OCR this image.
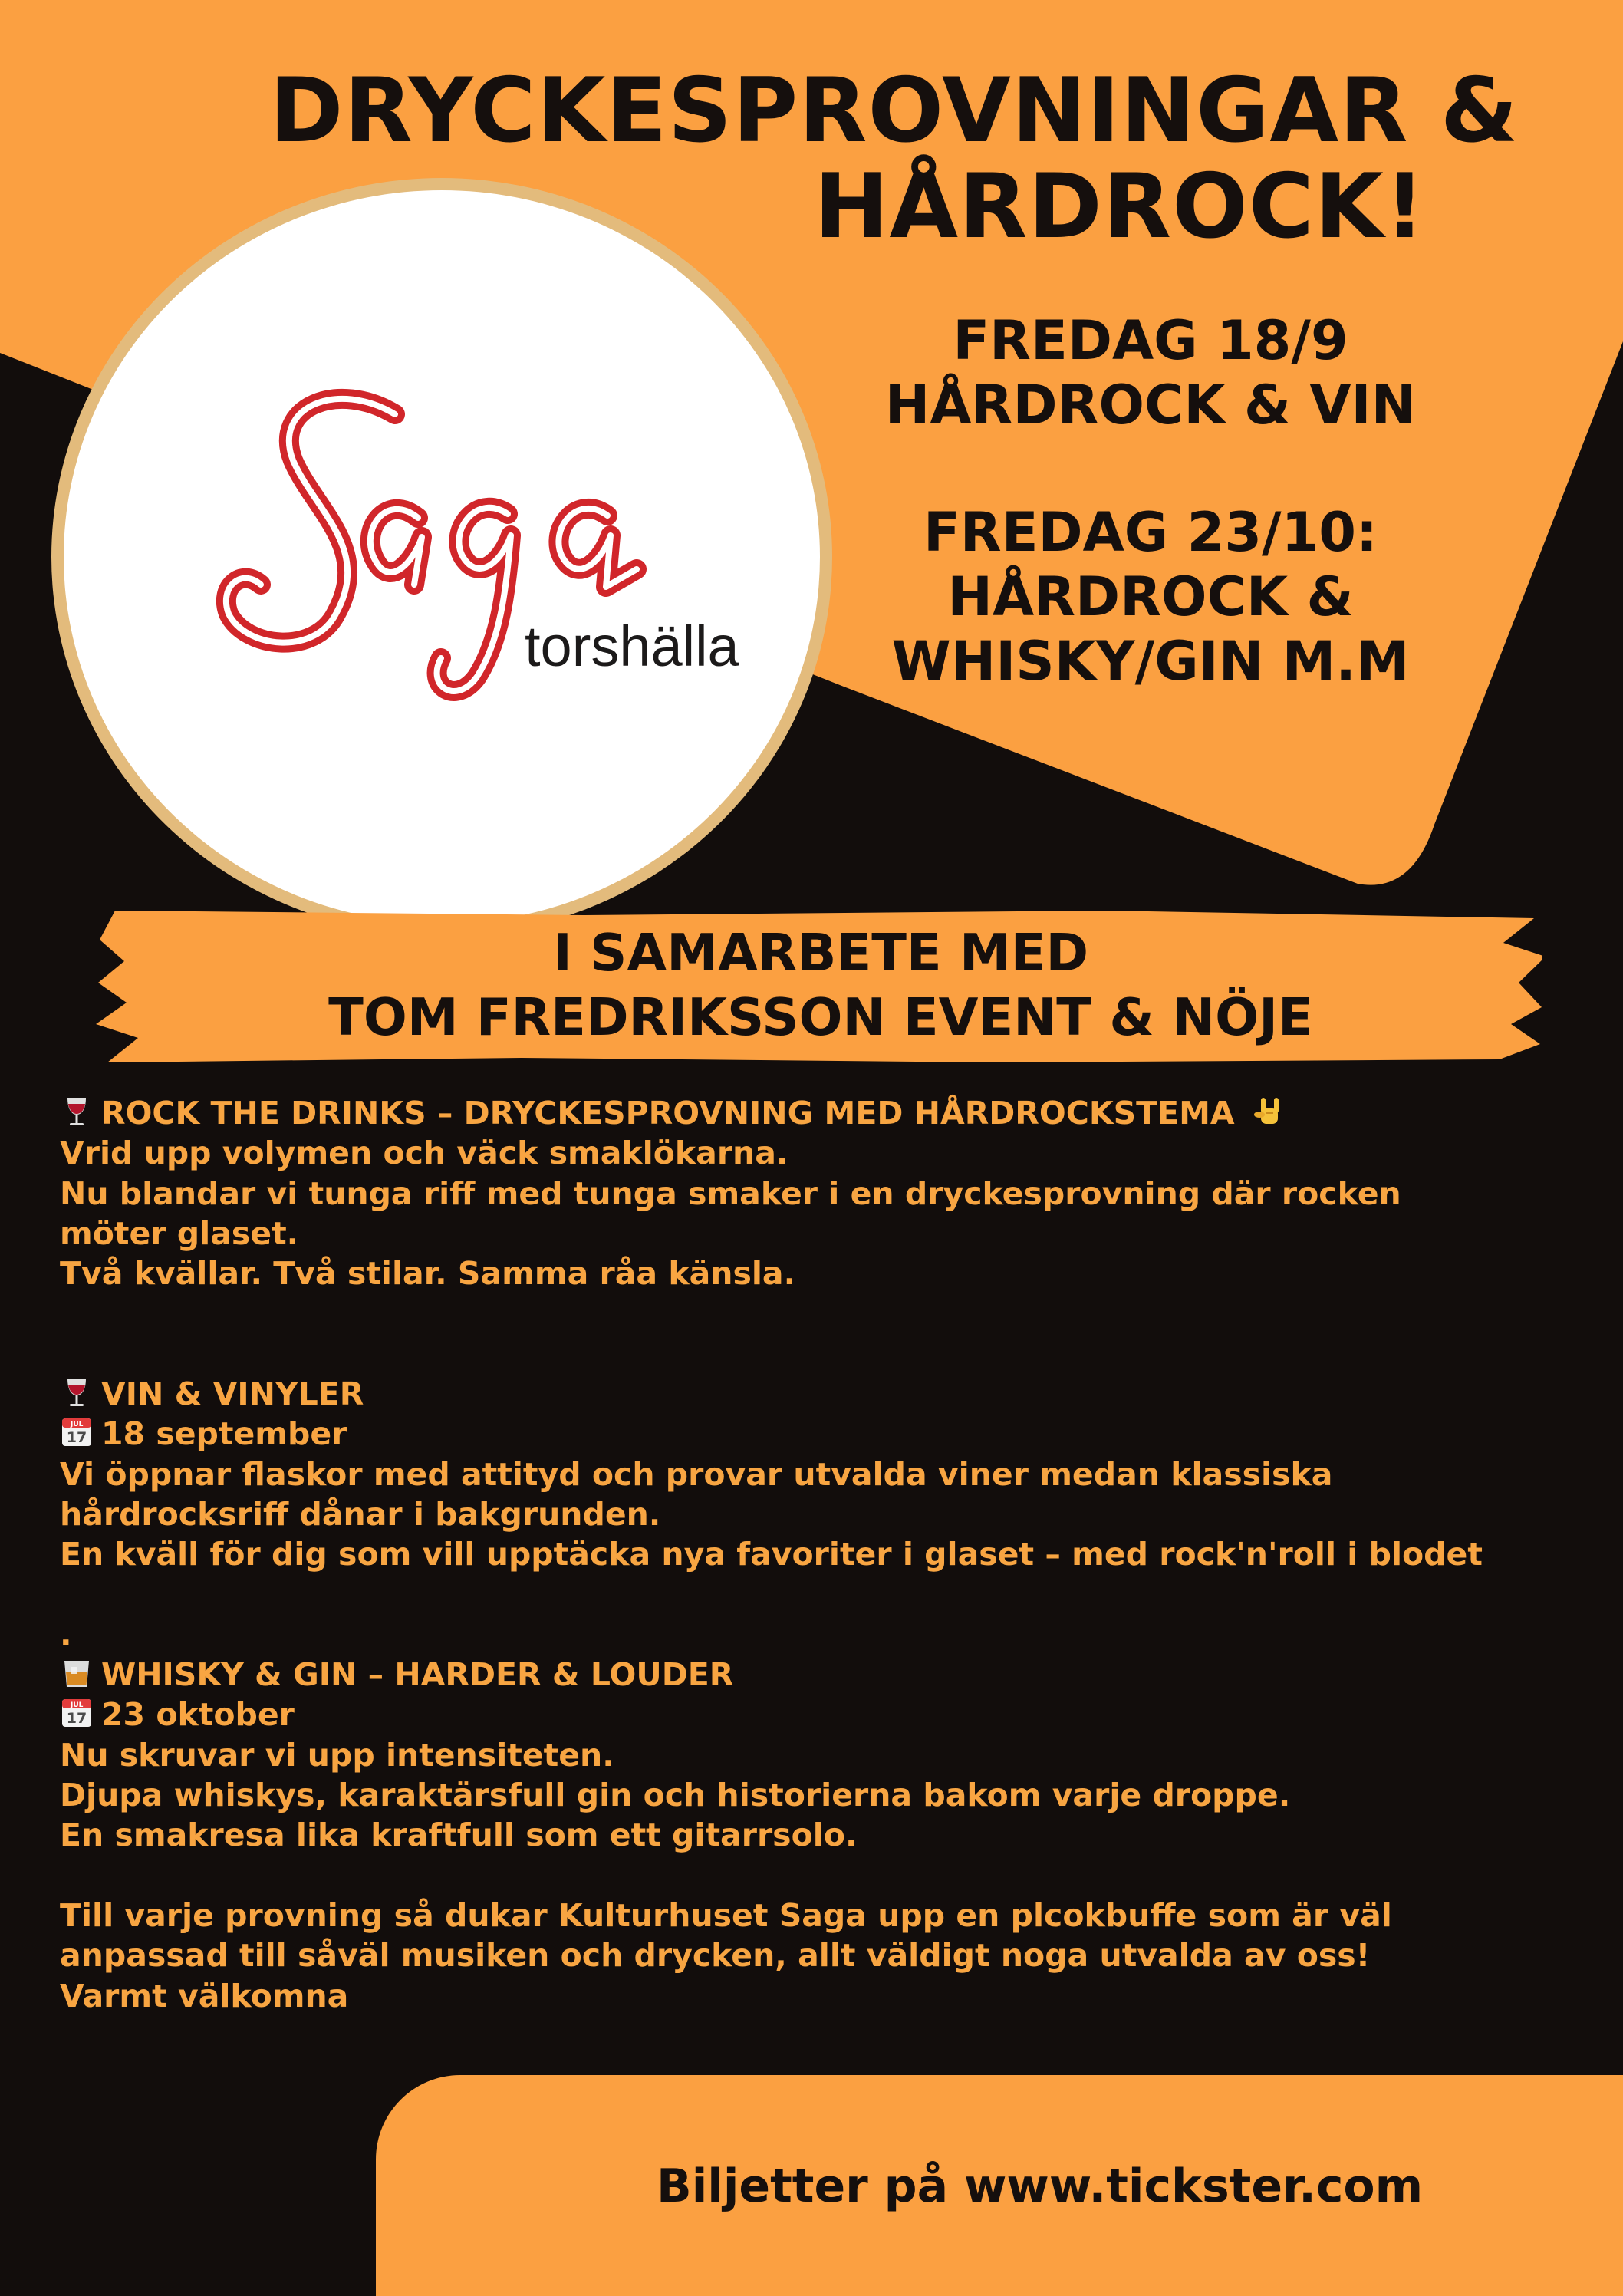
DRYCKESPROVNINGAR &
HÅRDROCK!
FREDAG 18/9
HÅRDROCK & VIN
FREDAG 23/10:
HÅRDROCK &
WHISKY/GIN M.M
torshälla
I SAMARBETE MED
TOM FREDRIKSSON EVENT & NÖJE
ROCK THE DRINKS – DRYCKESPROVNING MED HÅRDROCKSTEMA
Vrid upp volymen och väck smaklökarna.
Nu blandar vi tunga riff med tunga smaker i en dryckesprovning där rocken
möter glaset.
Två kvällar. Två stilar. Samma råa känsla.
VIN & VINYLER
JUL
17 18 september
Vi öppnar flaskor med attityd och provar utvalda viner medan klassiska
hårdrocksriff dånar i bakgrunden.
En kväll för dig som vill upptäcka nya favoriter i glaset – med rock'n'roll i blodet
.
WHISKY & GIN – HARDER & LOUDER
JUL
17 23 oktober
Nu skruvar vi upp intensiteten.
Djupa whiskys, karaktärsfull gin och historierna bakom varje droppe.
En smakresa lika kraftfull som ett gitarrsolo.
Till varje provning så dukar Kulturhuset Saga upp en plcokbuffe som är väl
anpassad till såväl musiken och drycken, allt väldigt noga utvalda av oss!
Varmt välkomna
Biljetter på www.tickster.com
